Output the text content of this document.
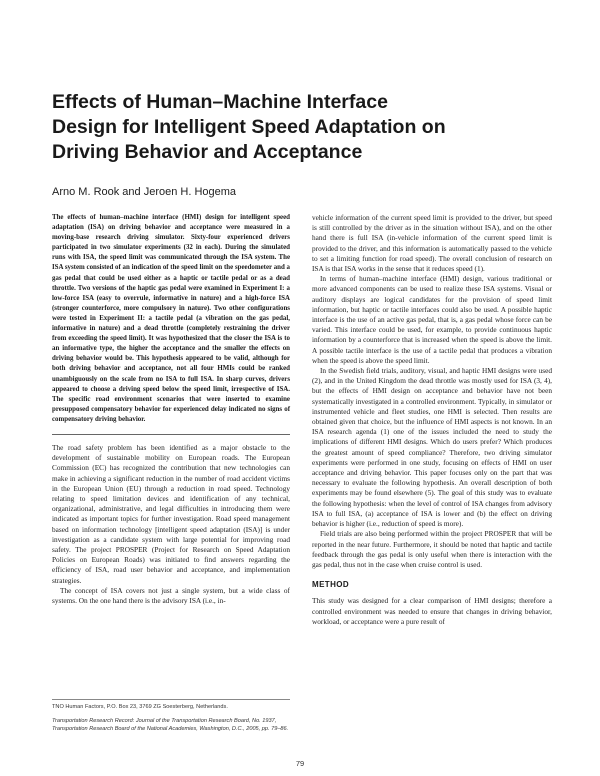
Effects of Human–Machine Interface
Design for Intelligent Speed Adaptation on
Driving Behavior and Acceptance
Arno M. Rook and Jeroen H. Hogema

The effects of human–machine interface (HMI) design for intelligent speed adaptation (ISA) on driving behavior and acceptance were measured in a moving-base research driving simulator. Sixty-four experienced drivers participated in two simulator experiments (32 in each). During the simulated runs with ISA, the speed limit was communicated through the ISA system. The ISA system consisted of an indication of the speed limit on the speedometer and a gas pedal that could be used either as a haptic or tactile pedal or as a dead throttle. Two versions of the haptic gas pedal were examined in Experiment I: a low-force ISA (easy to overrule, informative in nature) and a high-force ISA (stronger counterforce, more compulsory in nature). Two other configurations were tested in Experiment II: a tactile pedal (a vibration on the gas pedal, informative in nature) and a dead throttle (completely restraining the driver from exceeding the speed limit). It was hypothesized that the closer the ISA is to an informative type, the higher the acceptance and the smaller the effects on driving behavior would be. This hypothesis appeared to be valid, although for both driving behavior and acceptance, not all four HMIs could be ranked unambiguously on the scale from no ISA to full ISA. In sharp curves, drivers appeared to choose a driving speed below the speed limit, irrespective of ISA. The specific road environment scenarios that were inserted to examine presupposed compensatory behavior for experienced delay indicated no signs of compensatory driving behavior.

The road safety problem has been identified as a major obstacle to the development of sustainable mobility on European roads. The European Commission (EC) has recognized the contribution that new technologies can make in achieving a significant reduction in the number of road accident victims in the European Union (EU) through a reduction in road speed. Technology relating to speed limitation devices and identification of any technical, organizational, administrative, and legal difficulties in introducing them were indicated as important topics for further investigation. Road speed management based on information technology [intelligent speed adaptation (ISA)] is under investigation as a candidate system with large potential for improving road safety. The project PROSPER (Project for Research on Speed Adaptation Policies on European Roads) was initiated to find answers regarding the efficiency of ISA, road user behavior and acceptance, and implementation strategies.

The concept of ISA covers not just a single system, but a wide class of systems. On the one hand there is the advisory ISA (i.e., in-

TNO Human Factors, P.O. Box 23, 3769 ZG Soesterberg, Netherlands.

Transportation Research Record: Journal of the Transportation Research Board, No. 1937, Transportation Research Board of the National Academies, Washington, D.C., 2005, pp. 79–86.

vehicle information of the current speed limit is provided to the driver, but speed is still controlled by the driver as in the situation without ISA), and on the other hand there is full ISA (in-vehicle information of the current speed limit is provided to the driver, and this information is automatically passed to the vehicle to set a limiting function for road speed). The overall conclusion of research on ISA is that ISA works in the sense that it reduces speed (1).

In terms of human–machine interface (HMI) design, various traditional or more advanced components can be used to realize these ISA systems. Visual or auditory displays are logical candidates for the provision of speed limit information, but haptic or tactile interfaces could also be used. A possible haptic interface is the use of an active gas pedal, that is, a gas pedal whose force can be varied. This interface could be used, for example, to provide continuous haptic information by a counterforce that is increased when the speed is above the limit. A possible tactile interface is the use of a tactile pedal that produces a vibration when the speed is above the speed limit.

In the Swedish field trials, auditory, visual, and haptic HMI designs were used (2), and in the United Kingdom the dead throttle was mostly used for ISA (3, 4), but the effects of HMI design on acceptance and behavior have not been systematically investigated in a controlled environment. Typically, in simulator or instrumented vehicle and fleet studies, one HMI is selected. Then results are obtained given that choice, but the influence of HMI aspects is not known. In an ISA research agenda (1) one of the issues included the need to study the implications of different HMI designs. Which do users prefer? Which produces the greatest amount of speed compliance? Therefore, two driving simulator experiments were performed in one study, focusing on effects of HMI on user acceptance and driving behavior. This paper focuses only on the part that was necessary to evaluate the following hypothesis. An overall description of both experiments may be found elsewhere (5). The goal of this study was to evaluate the following hypothesis: when the level of control of ISA changes from advisory ISA to full ISA, (a) acceptance of ISA is lower and (b) the effect on driving behavior is higher (i.e., reduction of speed is more).

Field trials are also being performed within the project PROSPER that will be reported in the near future. Furthermore, it should be noted that haptic and tactile feedback through the gas pedal is only useful when there is interaction with the gas pedal, thus not in the case when cruise control is used.

METHOD

This study was designed for a clear comparison of HMI designs; therefore a controlled environment was needed to ensure that changes in driving behavior, workload, or acceptance were a pure result of

79
